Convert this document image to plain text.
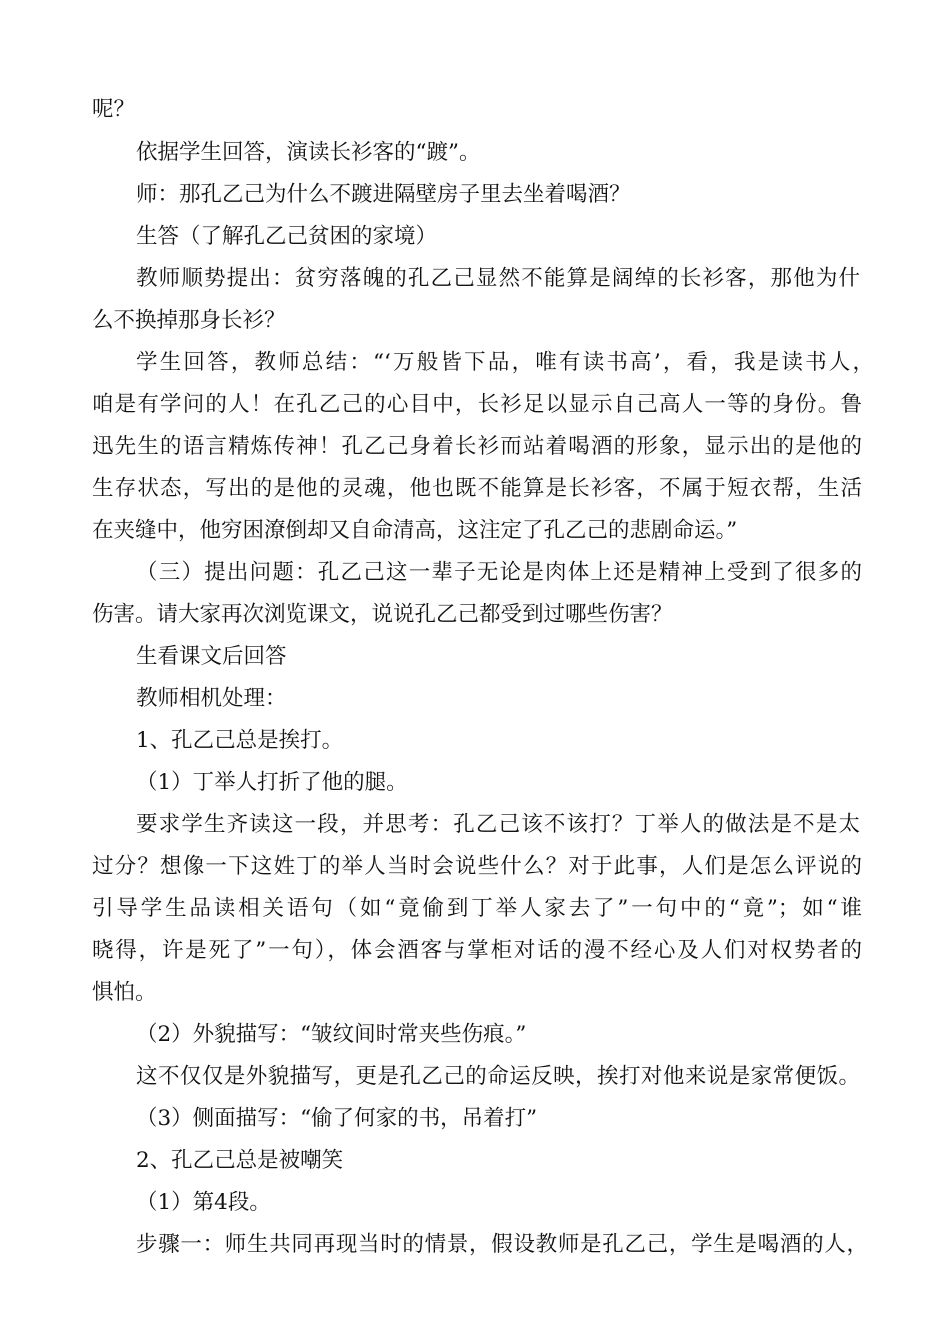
呢？
依据学生回答，演读长衫客的“踱”。
师：那孔乙己为什么不踱进隔壁房子里去坐着喝酒？
生答（了解孔乙己贫困的家境）
教师顺势提出：贫穷落魄的孔乙己显然不能算是阔绰的长衫客，那他为什
么不换掉那身长衫？
学生回答，教师总结：“‘万般皆下品，唯有读书高’，看，我是读书人，
咱是有学问的人！在孔乙己的心目中，长衫足以显示自己高人一等的身份。鲁
迅先生的语言精炼传神！孔乙己身着长衫而站着喝酒的形象，显示出的是他的
生存状态，写出的是他的灵魂，他也既不能算是长衫客，不属于短衣帮，生活
在夹缝中，他穷困潦倒却又自命清高，这注定了孔乙己的悲剧命运。”
（三）提出问题：孔乙己这一辈子无论是肉体上还是精神上受到了很多的
伤害。请大家再次浏览课文，说说孔乙己都受到过哪些伤害？
生看课文后回答
教师相机处理：
1、孔乙己总是挨打。
（1）丁举人打折了他的腿。
要求学生齐读这一段，并思考：孔乙己该不该打？丁举人的做法是不是太
过分？想像一下这姓丁的举人当时会说些什么？对于此事，人们是怎么评说的
引导学生品读相关语句（如“竟偷到丁举人家去了”一句中的“竟”；如“谁
晓得，许是死了”一句），体会酒客与掌柜对话的漫不经心及人们对权势者的
惧怕。
（2）外貌描写：“皱纹间时常夹些伤痕。”
这不仅仅是外貌描写，更是孔乙己的命运反映，挨打对他来说是家常便饭。
（3）侧面描写：“偷了何家的书，吊着打”
2、孔乙己总是被嘲笑
（1）第4段。
步骤一：师生共同再现当时的情景，假设教师是孔乙己，学生是喝酒的人，
